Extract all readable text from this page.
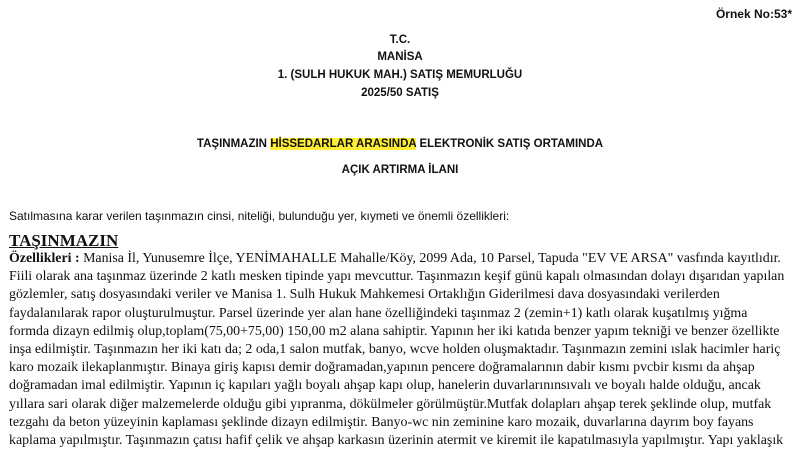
Örnek No:53*
T.C.
MANİSA
1. (SULH HUKUK MAH.) SATIŞ MEMURLUĞU
2025/50 SATIŞ
TAŞINMAZIN HİSSEDARLAR ARASINDA ELEKTRONİK SATIŞ ORTAMINDA
AÇIK ARTIRMA İLANI
Satılmasına karar verilen taşınmazın cinsi, niteliği, bulunduğu yer, kıymeti ve önemli özellikleri:
TAŞINMAZIN
Özellikleri : Manisa İl, Yunusemre İlçe, YENİMAHALLE Mahalle/Köy, 2099 Ada, 10 Parsel, Tapuda "EV VE ARSA" vasfında kayıtlıdır.
Fiili olarak ana taşınmaz üzerinde 2 katlı mesken tipinde yapı mevcuttur. Taşınmazın keşif günü kapalı olmasından dolayı dışarıdan yapılan
gözlemler, satış dosyasındaki veriler ve Manisa 1. Sulh Hukuk Mahkemesi Ortaklığın Giderilmesi dava dosyasındaki verilerden
faydalanılarak rapor oluşturulmuştur. Parsel üzerinde yer alan hane özelliğindeki taşınmaz 2 (zemin+1) katlı olarak kuşatılmış yığma
formda dizayn edilmiş olup,toplam(75,00+75,00) 150,00 m2 alana sahiptir. Yapının her iki katıda benzer yapım tekniği ve benzer özellikte
inşa edilmiştir. Taşınmazın her iki katı da; 2 oda,1 salon mutfak, banyo, wcve holden oluşmaktadır. Taşınmazın zemini ıslak hacimler hariç
karo mozaik ilekaplanmıştır. Binaya giriş kapısı demir doğramadan,yapının pencere doğramalarının dabir kısmı pvcbir kısmı da ahşap
doğramadan imal edilmiştir. Yapının iç kapıları yağlı boyalı ahşap kapı olup, hanelerin duvarlarınınsıvalı ve boyalı halde olduğu, ancak
yıllara sari olarak diğer malzemelerde olduğu gibi yıpranma, dökülmeler görülmüştür.Mutfak dolapları ahşap terek şeklinde olup, mutfak
tezgahı da beton yüzeyinin kaplaması şeklinde dizayn edilmiştir. Banyo-wc nin zeminine karo mozaik, duvarlarına dayrım boy fayans
kaplama yapılmıştır. Taşınmazın çatısı hafif çelik ve ahşap karkasın üzerinin atermit ve kiremit ile kapatılmasıyla yapılmıştır. Yapı yaklaşık
